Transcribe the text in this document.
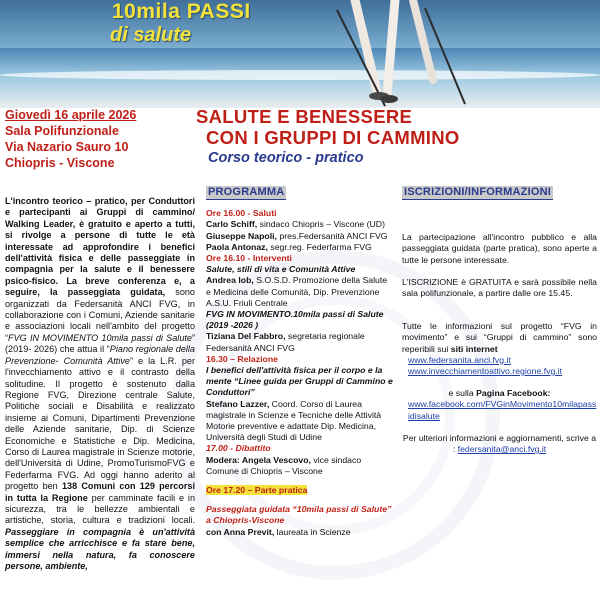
10mila PASSI
di salute
Giovedì 16 aprile 2026
Sala Polifunzionale
Via Nazario Sauro 10
Chiopris - Viscone
SALUTE E BENESSERE
CON I GRUPPI DI CAMMINO
Corso teorico - pratico

L'incontro teorico – pratico, per Conduttori e partecipanti ai Gruppi di cammino/ Walking Leader, è gratuito e aperto a tutti, si rivolge a persone di tutte le età interessate ad approfondire i benefici dell'attività fisica e delle passeggiate in compagnia per la salute e il benessere psico-fisico. La breve conferenza e, a seguire, la passeggiata guidata, sono organizzati da Federsanità ANCI FVG, in collaborazione con i Comuni, Aziende sanitarie e associazioni locali nell'ambito del progetto “FVG IN MOVIMENTO 10mila passi di Salute” (2019- 2026) che attua il “Piano regionale della Prevenzione- Comunità Attive” e la L.R. per l'invecchiamento attivo e il contrasto della solitudine. Il progetto è sostenuto dalla Regione FVG, Direzione centrale Salute, Politiche sociali e Disabilità e realizzato insieme ai Comuni, Dipartimenti Prevenzione delle Aziende sanitarie, Dip. di Scienze Economiche e Statistiche e Dip. Medicina, Corso di Laurea magistrale in Scienze motorie, dell'Università di Udine, PromoTurismoFVG e Federfarma FVG. Ad oggi hanno aderito al progetto ben 138 Comuni con 129 percorsi in tutta la Regione per camminate facili e in sicurezza, tra le bellezze ambientali e artistiche, storia, cultura e tradizioni locali. Passeggiare in compagnia è un'attività semplice che arricchisce e fa stare bene, immersi nella natura, fa conoscere persone, ambiente,

PROGRAMMA

Ore 16.00 - Saluti

Carlo Schiff, sindaco Chiopris – Viscone (UD)

Giuseppe Napoli, pres.Federsanità ANCI FVG

Paola Antonaz, segr.reg. Federfarma FVG

Ore 16.10 - Interventi

Salute, stili di vita e Comunità Attive

Andrea Iob, S.O.S.D. Promozione della Salute e Medicina delle Comunità, Dip. Prevenzione A.S.U. Friuli Centrale

FVG IN MOVIMENTO.10mila passi di Salute (2019 -2026 )

Tiziana Del Fabbro, segretaria regionale Federsanità ANCI FVG

16.30 – Relazione

I benefici dell'attività fisica per il corpo e la mente “Linee guida per Gruppi di Cammino e Conduttori”

Stefano Lazzer, Coord. Corso di Laurea magistrale in Scienze e Tecniche delle Attività Motorie preventive e adattate Dip. Medicina, Università degli Studi di Udine

17.00 - Dibattito

Modera: Angela Vescovo, vice sindaco Comune di Chiopris – Viscone

Ore 17.20 – Parte pratica

Passeggiata guidata “10mila passi di Salute” a Chiopris-Viscone

con Anna Previt, laureata in Scienze

ISCRIZIONI/INFORMAZIONI

La partecipazione all'incontro pubblico e alla passeggiata guidata (parte pratica), sono aperte a tutte le persone interessate.

L'ISCRIZIONE è GRATUITA e sarà possibile nella sala polifunzionale, a partire dalle ore 15.45.

Tutte le informazioni sul progetto “FVG in movimento” e sui “Gruppi di cammino” sono reperibili sui siti internet

www.federsanita.anci.fvg.it

www.invecchiamentoattivo.regione.fvg.it

e sulla Pagina Facebook:

www.facebook.com/FVGinMovimento10milapassidisalute

Per ulteriori informazioni e aggiornamenti, scrive a : federsanita@anci.fvg.it
